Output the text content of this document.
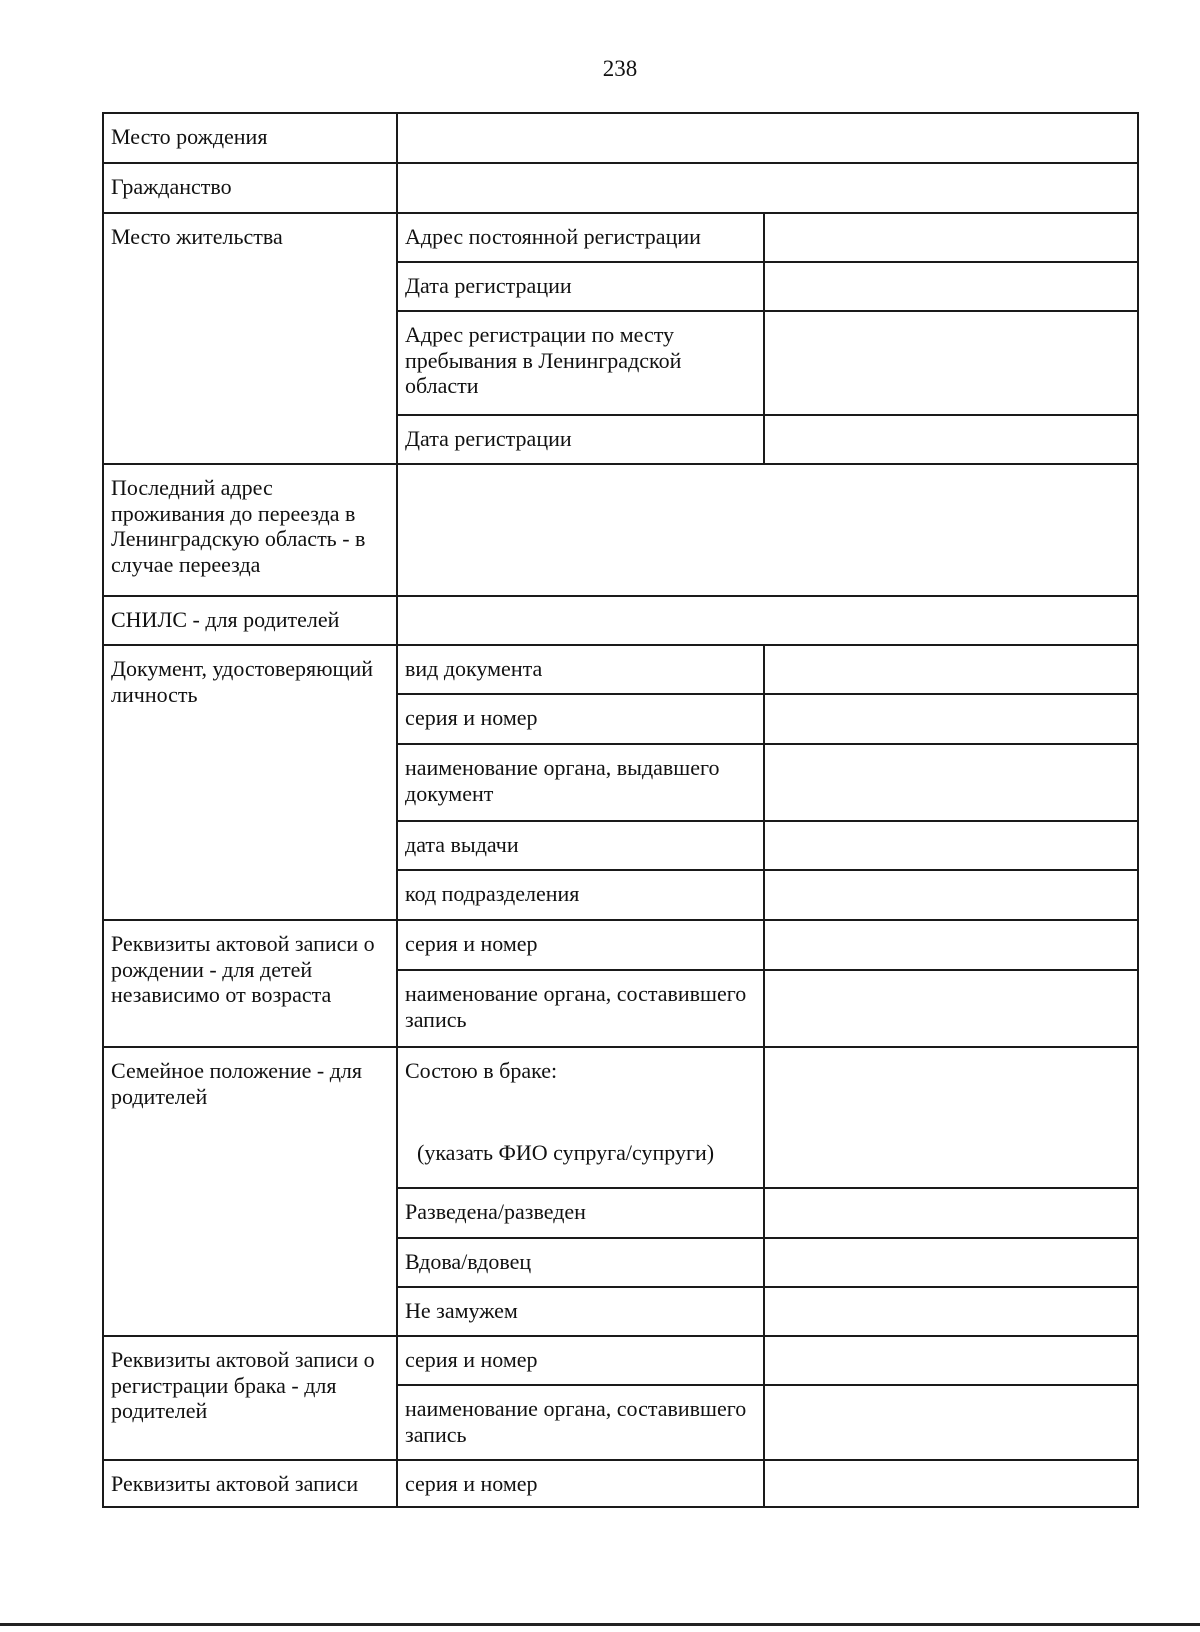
238
Место рождения		
Гражданство		
Место жительства	Адрес постоянной регистрации	
	Дата регистрации	
	Адрес регистрации по месту пребывания в Ленинградской области	
	Дата регистрации	
Последний адрес проживания до переезда в Ленинградскую область - в случае переезда		
СНИЛС - для родителей		
Документ, удостоверяющий личность	вид документа	
	серия и номер	
	наименование органа, выдавшего документ	
	дата выдачи	
	код подразделения	
Реквизиты актовой записи о рождении - для детей независимо от возраста	серия и номер	
	наименование органа, составившего запись	
Семейное положение - для родителей	Состою в браке:
(указать ФИО супруга/супруги)	

	Разведена/разведен	
	Вдова/вдовец	
	Не замужем	
Реквизиты актовой записи о регистрации брака - для родителей	серия и номер	
	наименование органа, составившего запись	
Реквизиты актовой записи	серия и номер	
